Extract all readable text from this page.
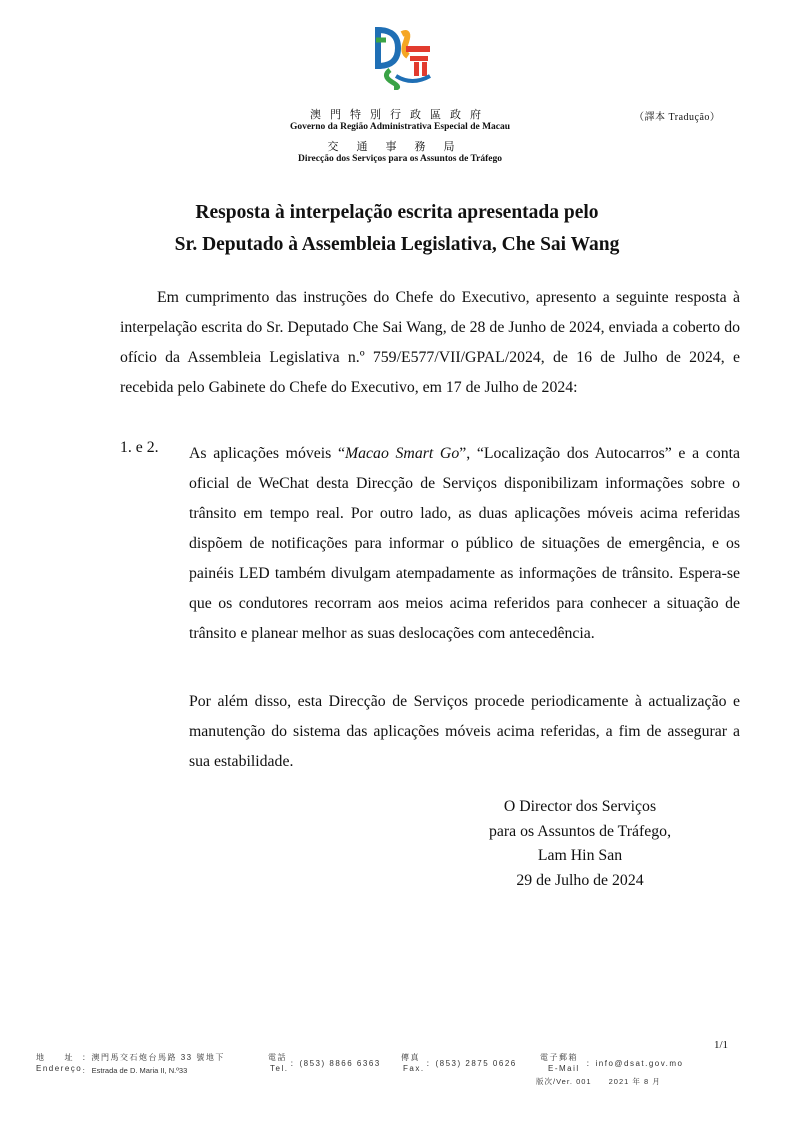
澳門特別行政區政府
Governo da Região Administrativa Especial de Macau
交通事務局
Direcção dos Serviços para os Assuntos de Tráfego
（譯本 Tradução）
Resposta à interpelação escrita apresentada pelo
Sr. Deputado à Assembleia Legislativa, Che Sai Wang
Em cumprimento das instruções do Chefe do Executivo, apresento a seguinte resposta à interpelação escrita do Sr. Deputado Che Sai Wang, de 28 de Junho de 2024, enviada a coberto do ofício da Assembleia Legislativa n.º 759/E577/VII/GPAL/2024, de 16 de Julho de 2024, e recebida pelo Gabinete do Chefe do Executivo, em 17 de Julho de 2024:
1. e 2. As aplicações móveis “Macao Smart Go”, “Localização dos Autocarros” e a conta oficial de WeChat desta Direcção de Serviços disponibilizam informações sobre o trânsito em tempo real. Por outro lado, as duas aplicações móveis acima referidas dispõem de notificações para informar o público de situações de emergência, e os painéis LED também divulgam atempadamente as informações de trânsito. Espera-se que os condutores recorram aos meios acima referidos para conhecer a situação de trânsito e planear melhor as suas deslocações com antecedência.
Por além disso, esta Direcção de Serviços procede periodicamente à actualização e manutenção do sistema das aplicações móveis acima referidas, a fim de assegurar a sua estabilidade.
O Director dos Serviços
para os Assuntos de Tráfego,
Lam Hin San
29 de Julho de 2024
1/1
地　　址 ：澳門馬交石炮台馬路 33 號地下
Endereço ： Estrada de D. Maria II, N.º33
電話
Tel.
：(853) 8866 6363
傳真
Fax.
：(853) 2875 0626
電子郵箱
E-Mail
：info@dsat.gov.mo
版次/Ver. 001　　2021 年 8 月
